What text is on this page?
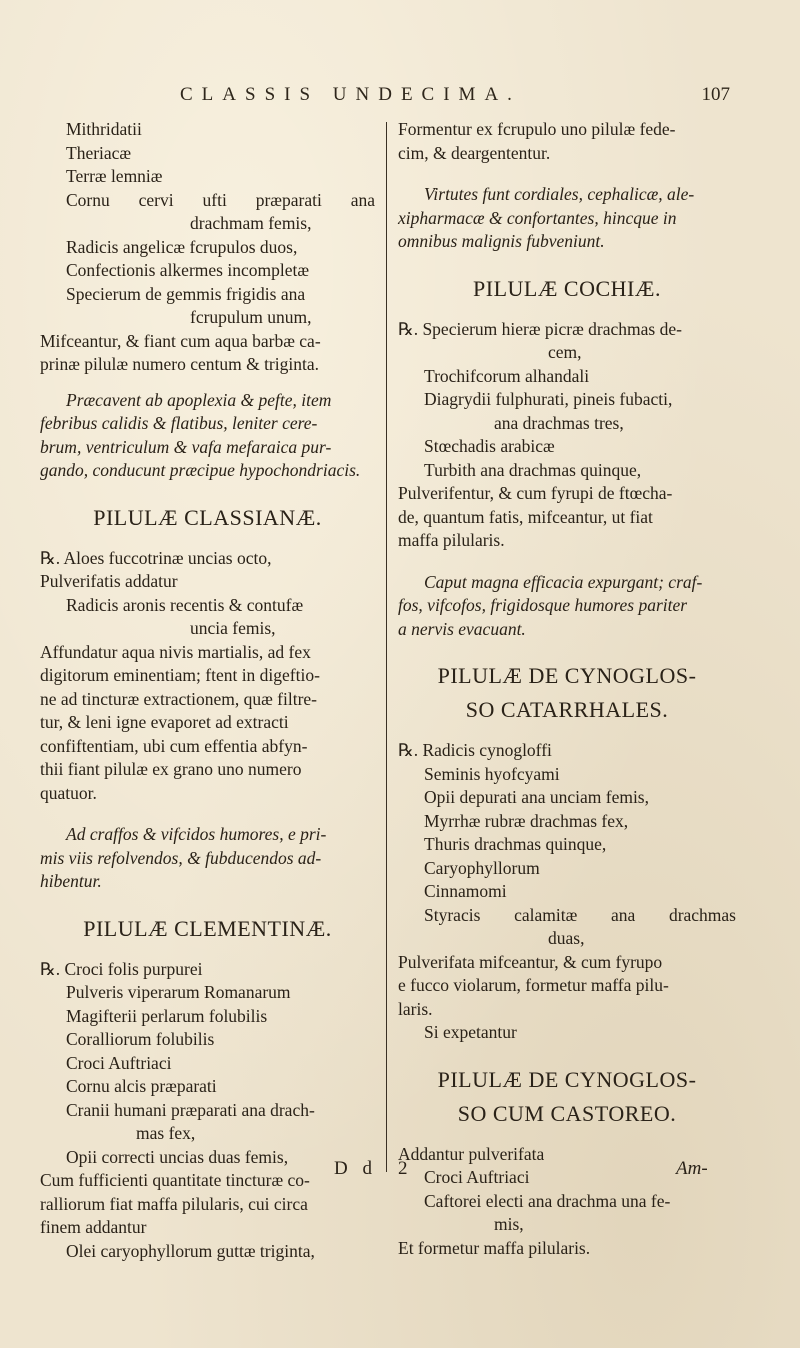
CLASSIS UNDECIMA.	107
Mithridatii
Theriacæ
Terræ lemniæ
Cornu cervi ufti præparati ana
drachmam femis,
Radicis angelicæ fcrupulos duos,
Confectionis alkermes incompletæ
Specierum de gemmis frigidis ana
fcrupulum unum,
Mifceantur, & fiant cum aqua barbæ ca-
prinæ pilulæ numero centum & triginta.
Præcavent ab apoplexia & pefte, item
febribus calidis & flatibus, leniter cere-
brum, ventriculum & vafa mefaraica pur-
gando, conducunt præcipue hypochondriacis.
PILULÆ CLASSIANÆ.
℞. Aloes fuccotrinæ uncias octo,
Pulverifatis addatur
Radicis aronis recentis & contufæ
uncia femis,
Affundatur aqua nivis martialis, ad fex
digitorum eminentiam; ftent in digeftio-
ne ad tincturæ extractionem, quæ filtre-
tur, & leni igne evaporet ad extracti
confiftentiam, ubi cum effentia abfyn-
thii fiant pilulæ ex grano uno numero
quatuor.
Ad craffos & vifcidos humores, e pri-
mis viis refolvendos, & fubducendos ad-
hibentur.
PILULÆ CLEMENTINÆ.
℞. Croci folis purpurei
Pulveris viperarum Romanarum
Magifterii perlarum folubilis
Coralliorum folubilis
Croci Auftriaci
Cornu alcis præparati
Cranii humani præparati ana drach-
mas fex,
Opii correcti uncias duas femis,
Cum fufficienti quantitate tincturæ co-
ralliorum fiat maffa pilularis, cui circa
finem addantur
Olei caryophyllorum guttæ triginta,
Formentur ex fcrupulo uno pilulæ fede-
cim, & deargententur.
Virtutes funt cordiales, cephalicæ, ale-
xipharmacæ & confortantes, hincque in
omnibus malignis fubveniunt.
PILULÆ COCHIÆ.
℞. Specierum hieræ picræ drachmas de-
cem,
Trochifcorum alhandali
Diagrydii fulphurati, pineis fubacti,
ana drachmas tres,
Stœchadis arabicæ
Turbith ana drachmas quinque,
Pulverifentur, & cum fyrupi de ftœcha-
de, quantum fatis, mifceantur, ut fiat
maffa pilularis.
Caput magna efficacia expurgant; craf-
fos, vifcofos, frigidosque humores pariter
a nervis evacuant.
PILULÆ DE CYNOGLOS-
SO CATARRHALES.
℞. Radicis cynogloffi
Seminis hyofcyami
Opii depurati ana unciam femis,
Myrrhæ rubræ drachmas fex,
Thuris drachmas quinque,
Caryophyllorum
Cinnamomi
Styracis calamitæ ana drachmas
duas,
Pulverifata mifceantur, & cum fyrupo
e fucco violarum, formetur maffa pilu-
laris.
Si expetantur
PILULÆ DE CYNOGLOS-
SO CUM CASTOREO.
Addantur pulverifata
Croci Auftriaci
Caftorei electi ana drachma una fe-
mis,
Et formetur maffa pilularis.
D d 2	Am-
